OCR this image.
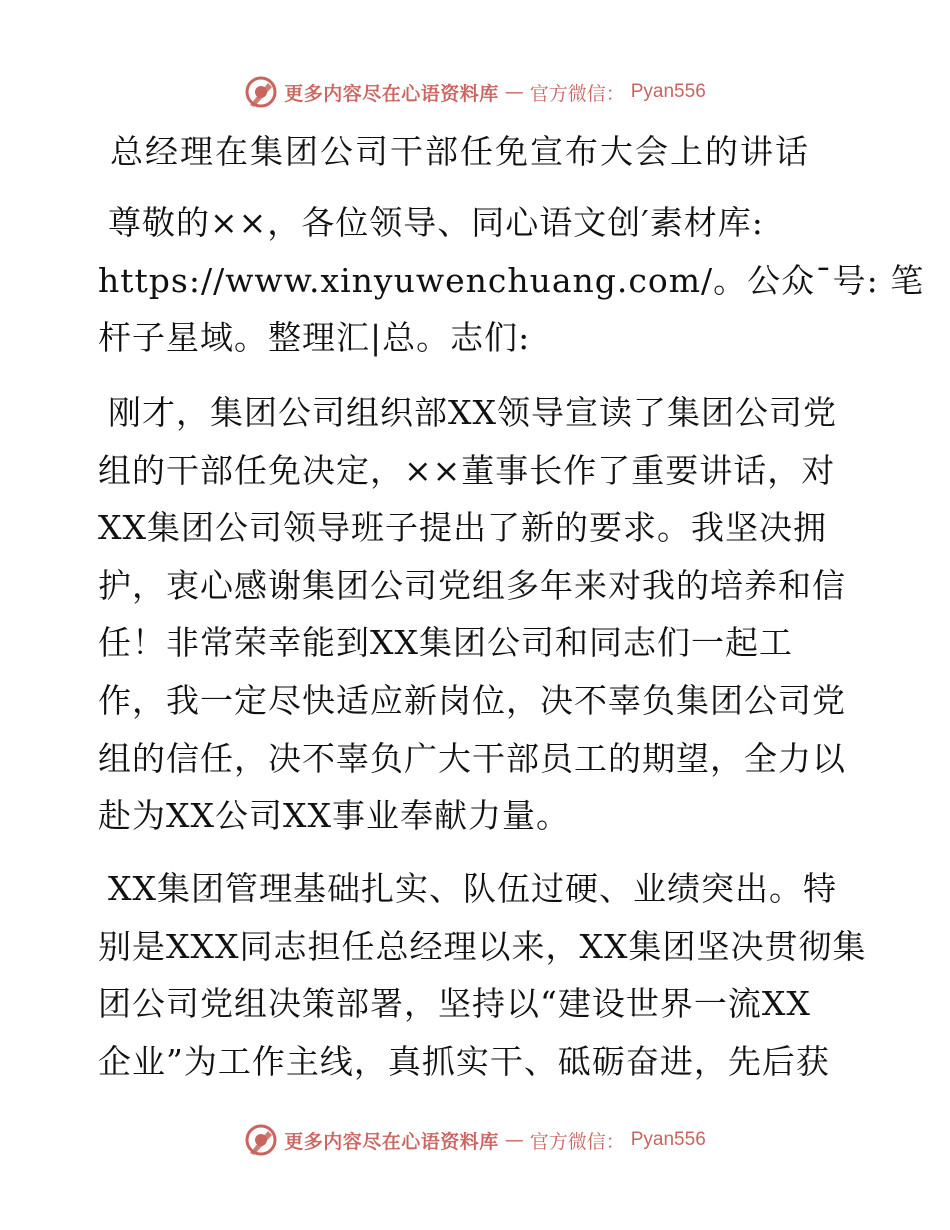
更多内容尽在心语资料库 — 官方微信： Pyan556
总经理在集团公司干部任免宣布大会上的讲话
尊敬的××，各位领导、同心语文创′素材库:
https://www.xinyuwenchuang.com/。公众¯号: 笔
杆子星域。整理汇|总。志们:
刚才，集团公司组织部XX领导宣读了集团公司党
组的干部任免决定，××董事长作了重要讲话，对
XX集团公司领导班子提出了新的要求。我坚决拥
护，衷心感谢集团公司党组多年来对我的培养和信
任！非常荣幸能到XX集团公司和同志们一起工
作，我一定尽快适应新岗位，决不辜负集团公司党
组的信任，决不辜负广大干部员工的期望，全力以
赴为XX公司XX事业奉献力量。
XX集团管理基础扎实、队伍过硬、业绩突出。特
别是XXX同志担任总经理以来，XX集团坚决贯彻集
团公司党组决策部署，坚持以“建设世界一流XX
企业”为工作主线，真抓实干、砥砺奋进，先后获
更多内容尽在心语资料库 — 官方微信： Pyan556
